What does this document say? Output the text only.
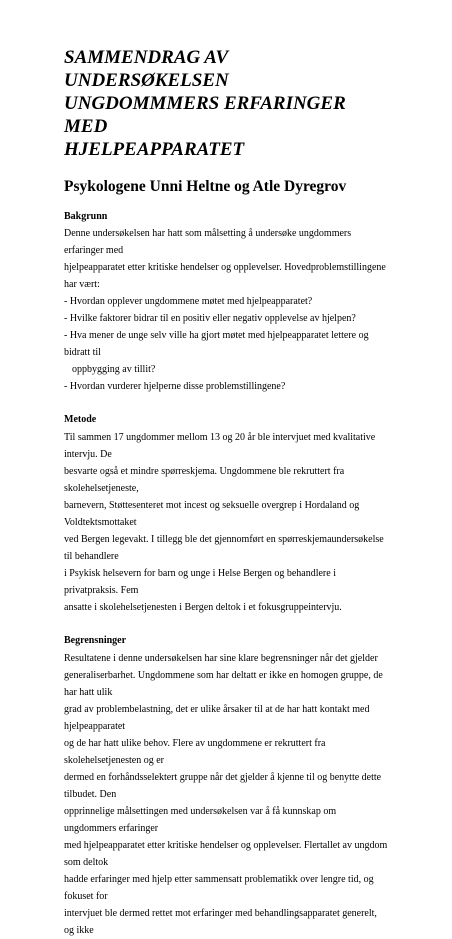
SAMMENDRAG AV UNDERSØKELSEN
UNGDOMMMERS ERFARINGER MED
HJELPEAPPARATET
Psykologene Unni Heltne og Atle Dyregrov
Bakgrunn

Denne undersøkelsen har hatt som målsetting å undersøke ungdommers erfaringer med
hjelpeapparatet etter kritiske hendelser og opplevelser. Hovedproblemstillingene har vært:

- Hvordan opplever ungdommene møtet med hjelpeapparatet?
- Hvilke faktorer bidrar til en positiv eller negativ opplevelse av hjelpen?
- Hva mener de unge selv ville ha gjort møtet med hjelpeapparatet lettere og bidratt til
oppbygging av tillit?
- Hvordan vurderer hjelperne disse problemstillingene?
Metode

Til sammen 17 ungdommer mellom 13 og 20 år ble intervjuet med kvalitative intervju. De
besvarte også et mindre spørreskjema. Ungdommene ble rekruttert fra skolehelsetjeneste,
barnevern, Støttesenteret mot incest og seksuelle overgrep i Hordaland og Voldtektsmottaket
ved Bergen legevakt. I tillegg ble det gjennomført en spørreskjemaundersøkelse til behandlere
i Psykisk helsevern for barn og unge i Helse Bergen og behandlere i privatpraksis. Fem
ansatte i skolehelsetjenesten i Bergen deltok i et fokusgruppeintervju.

Begrensninger

Resultatene i denne undersøkelsen har sine klare begrensninger når det gjelder
generaliserbarhet. Ungdommene som har deltatt er ikke en homogen gruppe, de har hatt ulik
grad av problembelastning, det er ulike årsaker til at de har hatt kontakt med hjelpeapparatet
og de har hatt ulike behov. Flere av ungdommene er rekruttert fra skolehelsetjenesten og er
dermed en forhåndsselektert gruppe når det gjelder å kjenne til og benytte dette tilbudet. Den
opprinnelige målsettingen med undersøkelsen var å få kunnskap om ungdommers erfaringer
med hjelpeapparatet etter kritiske hendelser og opplevelser. Flertallet av ungdom som deltok
hadde erfaringer med hjelp etter sammensatt problematikk over lengre tid, og fokuset for
intervjuet ble dermed rettet mot erfaringer med behandlingsapparatet generelt, og ikke
